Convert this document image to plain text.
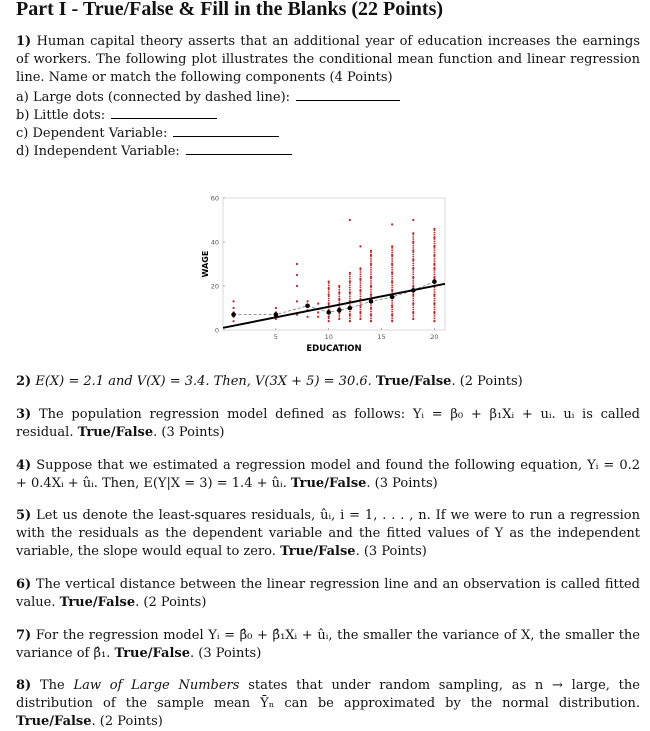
Part I - True/False & Fill in the Blanks (22 Points)
1) Human capital theory asserts that an additional year of education increases the earnings of workers. The following plot illustrates the conditional mean function and linear regression line. Name or match the following components (4 Points)
a) Large dots (connected by dashed line):
b) Little dots:
c) Dependent Variable:
d) Independent Variable:
2) E(X) = 2.1 and V(X) = 3.4. Then, V(3X + 5) = 30.6. True/False. (2 Points)
3) The population regression model defined as follows: Yᵢ = β₀ + β₁Xᵢ + uᵢ. uᵢ is called residual. True/False. (3 Points)
4) Suppose that we estimated a regression model and found the following equation, Yᵢ = 0.2 + 0.4Xᵢ + ûᵢ. Then, E(Y|X = 3) = 1.4 + ûᵢ. True/False. (3 Points)
5) Let us denote the least-squares residuals, ûᵢ, i = 1, . . . , n. If we were to run a regression with the residuals as the dependent variable and the fitted values of Y as the independent variable, the slope would equal to zero. True/False. (3 Points)
6) The vertical distance between the linear regression line and an observation is called fitted value. True/False. (2 Points)
7) For the regression model Yᵢ = β̂₀ + β̂₁Xᵢ + ûᵢ, the smaller the variance of X, the smaller the variance of β̂₁. True/False. (3 Points)
8) The Law of Large Numbers states that under random sampling, as n → large, the distribution of the sample mean Ȳₙ can be approximated by the normal distribution. True/False. (2 Points)
5	10	15	20
0
20
40
60
EDUCATION
WAGE
